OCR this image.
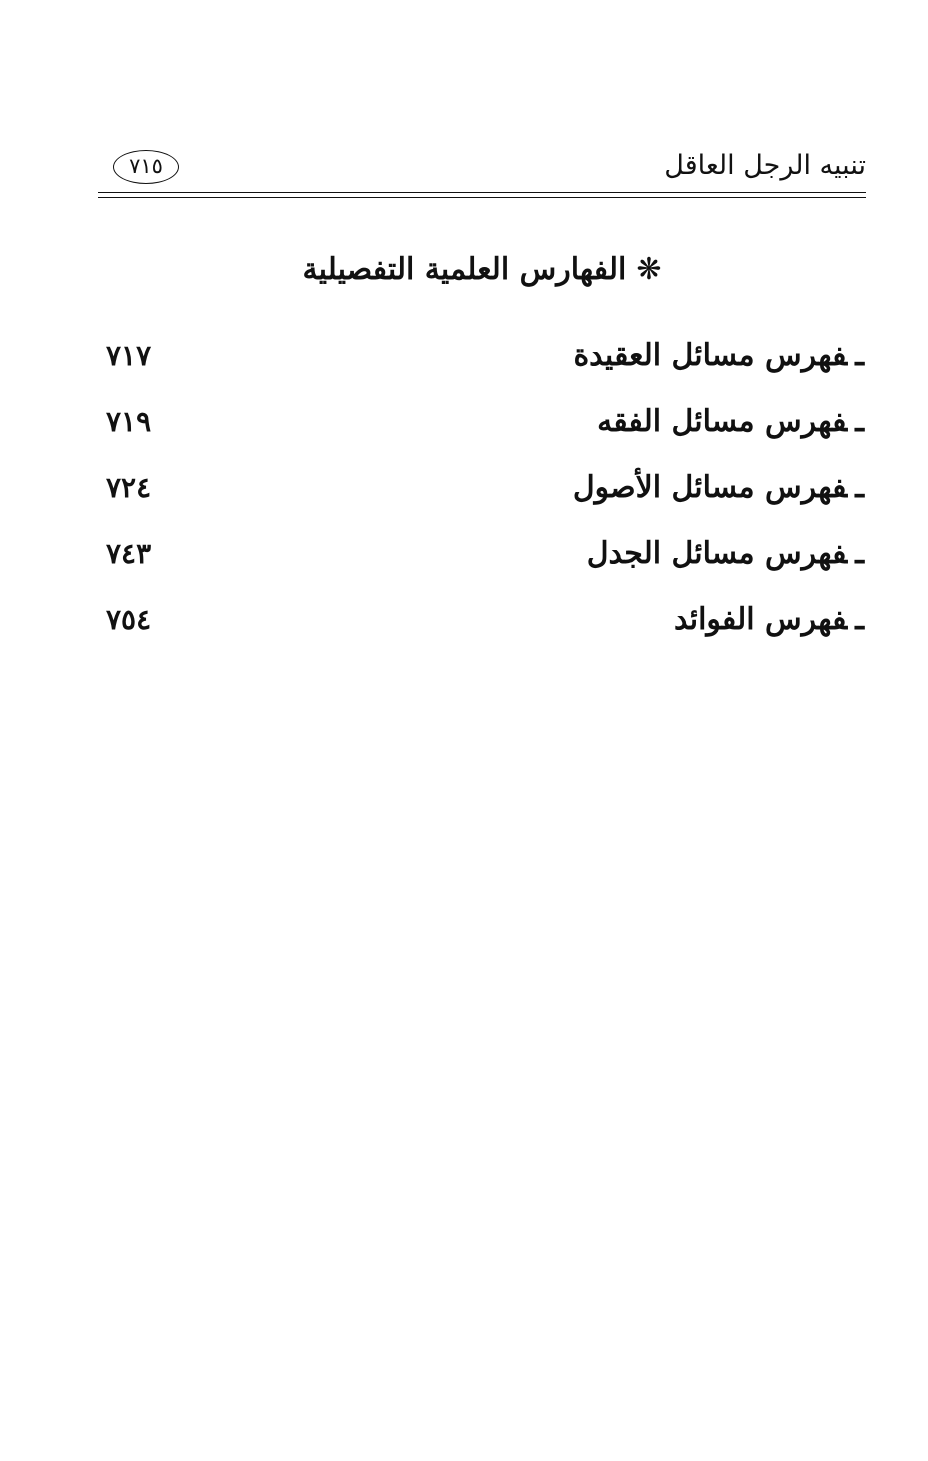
تنبيه الرجل العاقل
٧١٥
❋الفهارس العلمية التفصيلية
ـفهرس مسائل العقيدة
٧١٧
ـفهرس مسائل الفقه
٧١٩
ـفهرس مسائل الأصول
٧٢٤
ـفهرس مسائل الجدل
٧٤٣
ـفهرس الفوائد
٧٥٤
